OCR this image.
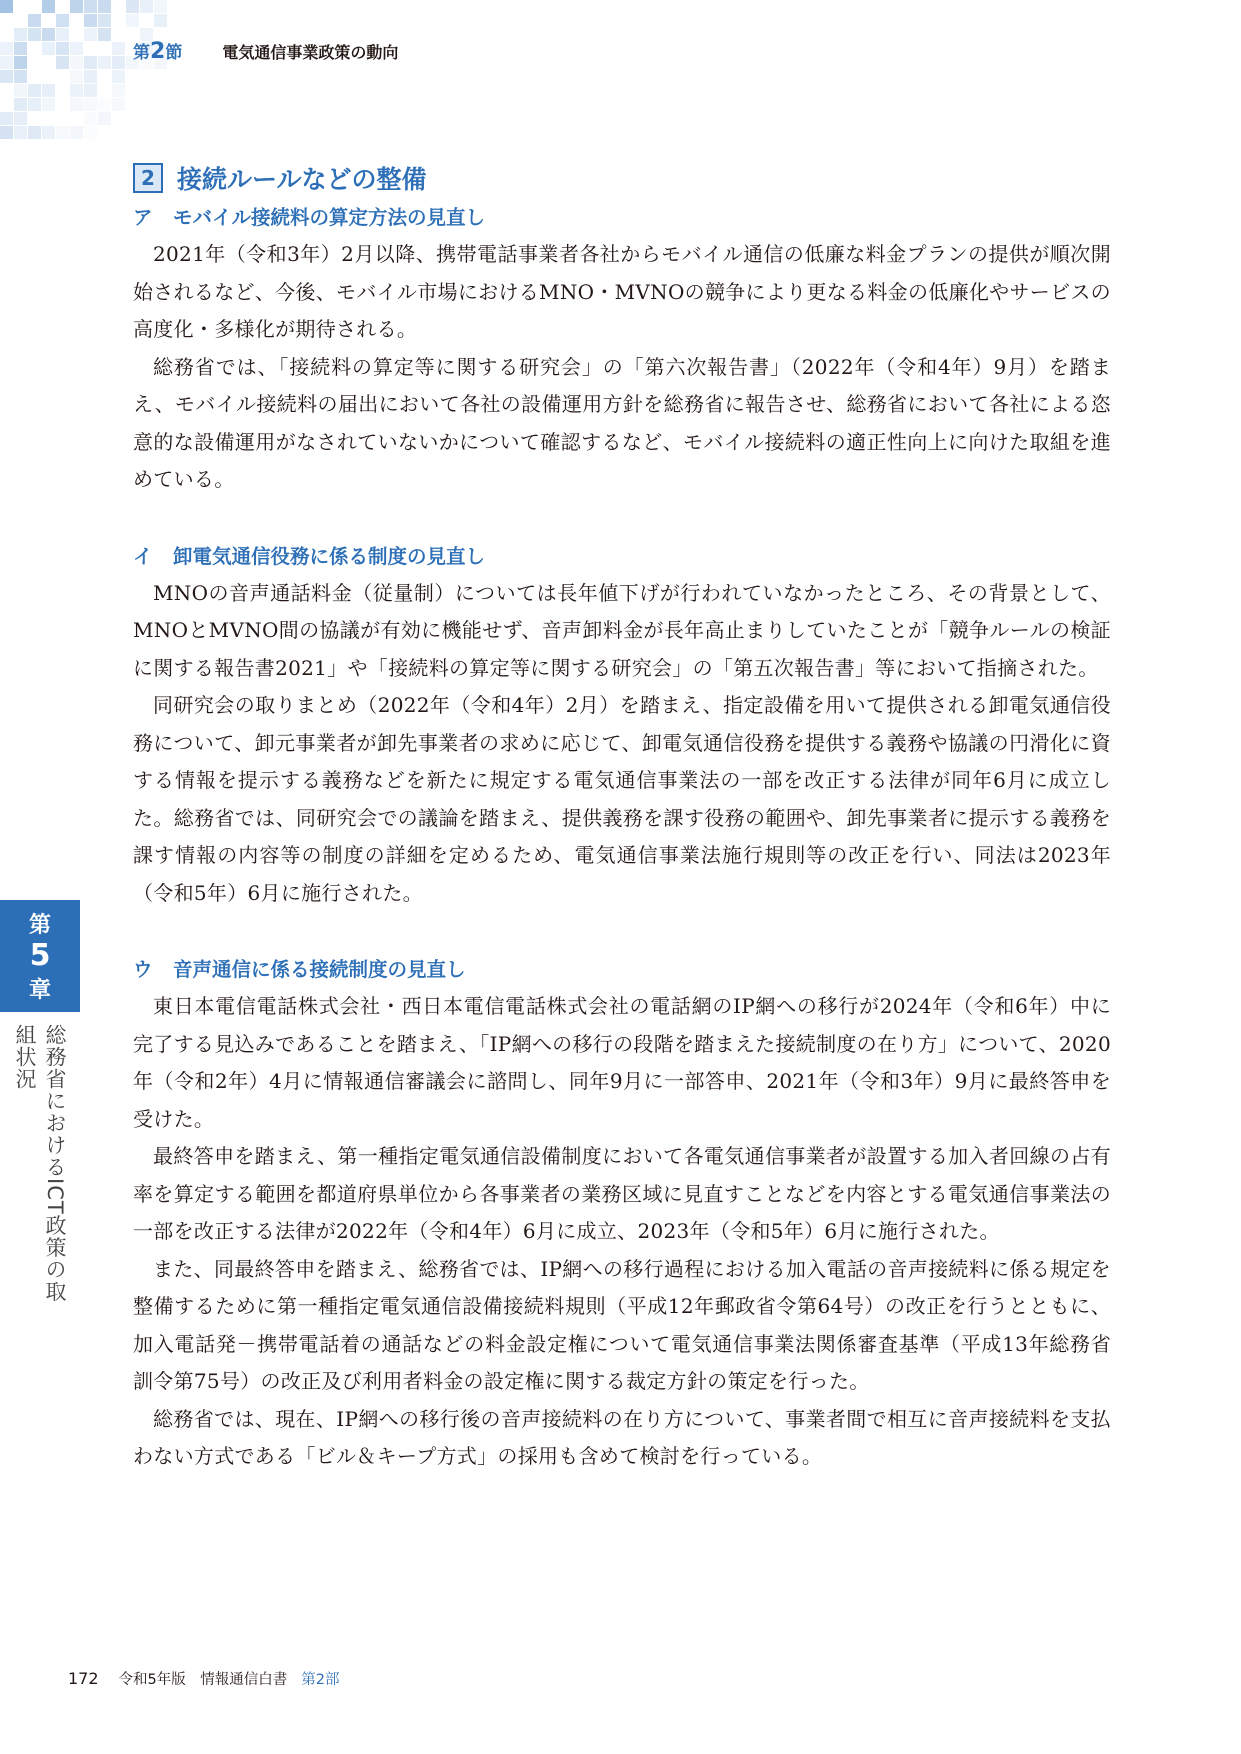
第2節	電気通信事業政策の動向
第
5
章
総務省におけるICT政策の取組状況
2 接続ルールなどの整備
ア モバイル接続料の算定方法の見直し

2021年（令和3年）2月以降、携帯電話事業者各社からモバイル通信の低廉な料金プランの提供が順次開始されるなど、今後、モバイル市場におけるMNO・MVNOの競争により更なる料金の低廉化やサービスの高度化・多様化が期待される。

総務省では、「接続料の算定等に関する研究会」の「第六次報告書」（2022年（令和4年）9月）を踏まえ、モバイル接続料の届出において各社の設備運用方針を総務省に報告させ、総務省において各社による恣意的な設備運用がなされていないかについて確認するなど、モバイル接続料の適正性向上に向けた取組を進めている。

イ 卸電気通信役務に係る制度の見直し

MNOの音声通話料金（従量制）については長年値下げが行われていなかったところ、その背景として、MNOとMVNO間の協議が有効に機能せず、音声卸料金が長年高止まりしていたことが「競争ルールの検証に関する報告書2021」や「接続料の算定等に関する研究会」の「第五次報告書」等において指摘された。

同研究会の取りまとめ（2022年（令和4年）2月）を踏まえ、指定設備を用いて提供される卸電気通信役務について、卸元事業者が卸先事業者の求めに応じて、卸電気通信役務を提供する義務や協議の円滑化に資する情報を提示する義務などを新たに規定する電気通信事業法の一部を改正する法律が同年6月に成立した。総務省では、同研究会での議論を踏まえ、提供義務を課す役務の範囲や、卸先事業者に提示する義務を課す情報の内容等の制度の詳細を定めるため、電気通信事業法施行規則等の改正を行い、同法は2023年（令和5年）6月に施行された。

ウ 音声通信に係る接続制度の見直し

東日本電信電話株式会社・西日本電信電話株式会社の電話網のIP網への移行が2024年（令和6年）中に完了する見込みであることを踏まえ、「IP網への移行の段階を踏まえた接続制度の在り方」について、2020年（令和2年）4月に情報通信審議会に諮問し、同年9月に一部答申、2021年（令和3年）9月に最終答申を受けた。

最終答申を踏まえ、第一種指定電気通信設備制度において各電気通信事業者が設置する加入者回線の占有率を算定する範囲を都道府県単位から各事業者の業務区域に見直すことなどを内容とする電気通信事業法の一部を改正する法律が2022年（令和4年）6月に成立、2023年（令和5年）6月に施行された。

また、同最終答申を踏まえ、総務省では、IP網への移行過程における加入電話の音声接続料に係る規定を整備するために第一種指定電気通信設備接続料規則（平成12年郵政省令第64号）の改正を行うとともに、加入電話発－携帯電話着の通話などの料金設定権について電気通信事業法関係審査基準（平成13年総務省訓令第75号）の改正及び利用者料金の設定権に関する裁定方針の策定を行った。

総務省では、現在、IP網への移行後の音声接続料の在り方について、事業者間で相互に音声接続料を支払わない方式である「ビル＆キープ方式」の採用も含めて検討を行っている。

172 令和5年版　情報通信白書 第2部
